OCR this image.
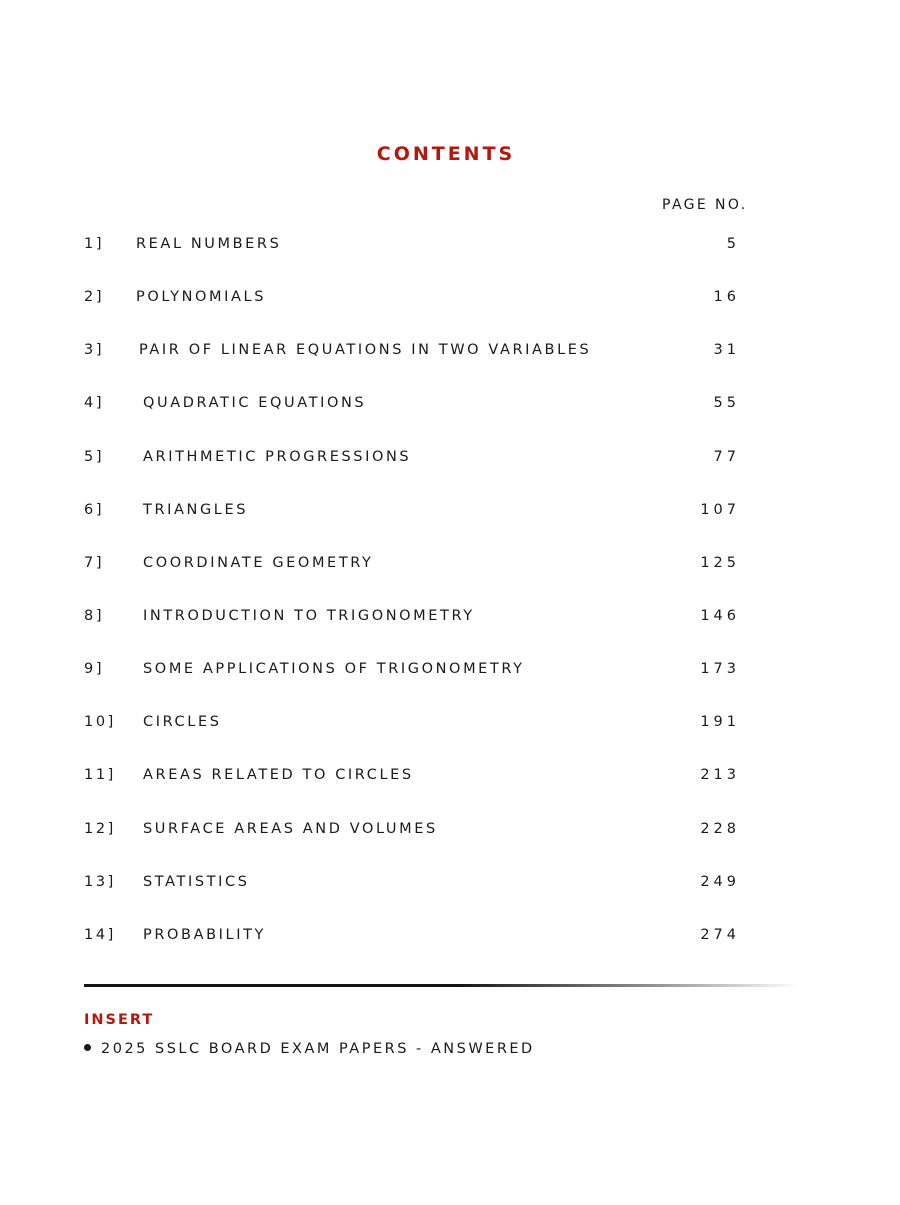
CONTENTS
PAGE NO.
1] REAL NUMBERS	5
2] POLYNOMIALS	16
3] PAIR OF LINEAR EQUATIONS IN TWO VARIABLES	31
4]	QUADRATIC EQUATIONS	55
5]	ARITHMETIC PROGRESSIONS	77
6]	TRIANGLES	107
7]	COORDINATE GEOMETRY	125
8]	INTRODUCTION TO TRIGONOMETRY	146
9]	SOME APPLICATIONS OF TRIGONOMETRY	173
10] CIRCLES	191
11] AREAS RELATED TO CIRCLES	213
12] SURFACE AREAS AND VOLUMES	228
13] STATISTICS	249
14] PROBABILITY	274
INSERT
2025 SSLC BOARD EXAM PAPERS - ANSWERED
